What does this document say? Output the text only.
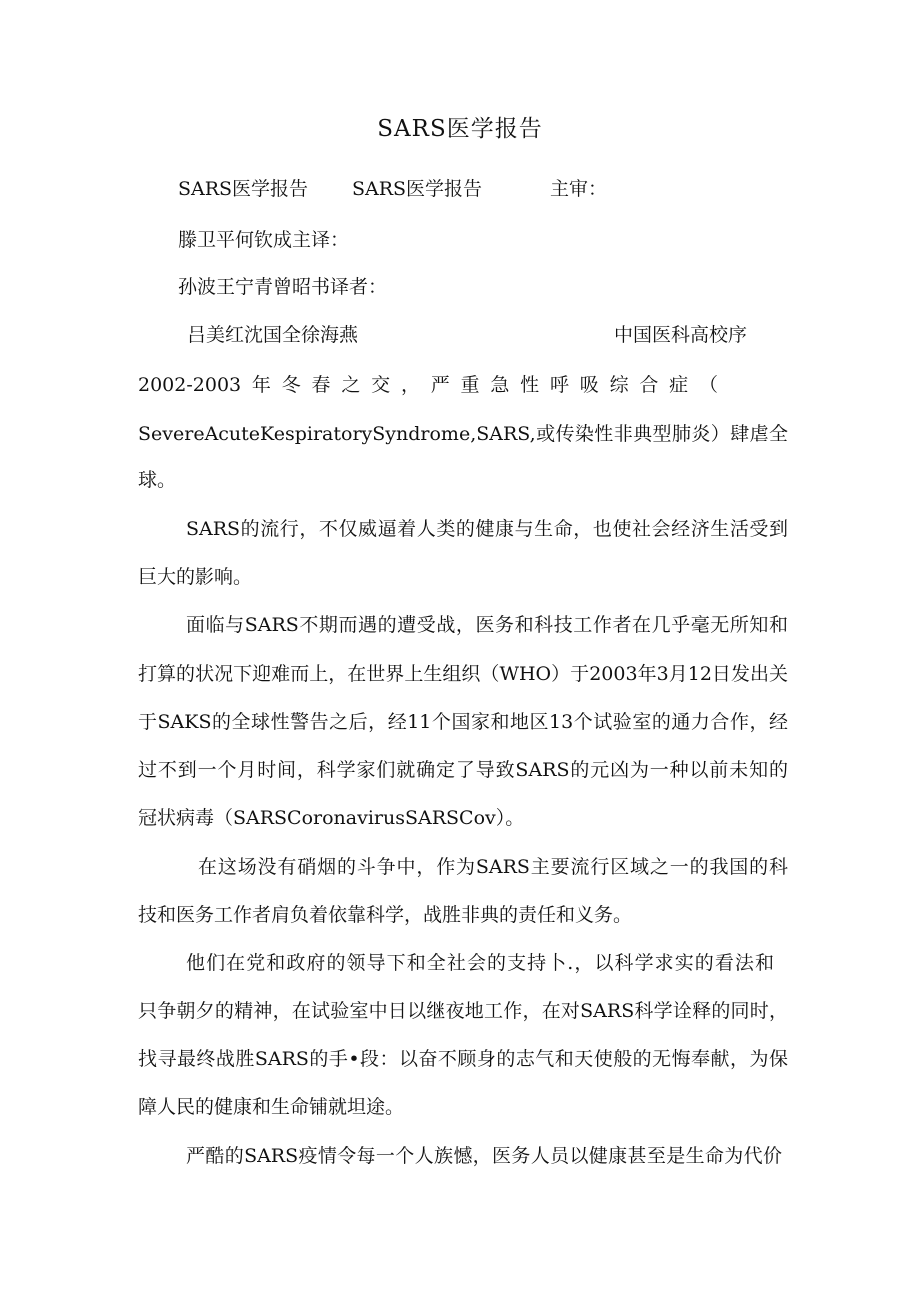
SARS医学报告
SARS医学报告 SARS医学报告	主审：
滕卫平何钦成主译：
孙波王宁青曾昭书译者：
吕美红沈国全徐海燕	中国医科高校序
2002-2003年冬春之交，严重急性呼吸综合症（
SevereAcuteKespiratorySyndrome,SARS,或传染性非典型肺炎）肆虐全
球。
SARS的流行，不仅威逼着人类的健康与生命，也使社会经济生活受到
巨大的影响。
面临与SARS不期而遇的遭受战，医务和科技工作者在几乎毫无所知和
打算的状况下迎难而上，在世界上生组织（WHO）于2003年3月12日发出关
于SAKS的全球性警告之后，经11个国家和地区13个试验室的通力合作，经
过不到一个月时间，科学家们就确定了导致SARS的元凶为一种以前未知的
冠状病毒（SARSCoronavirusSARSCov）。
在这场没有硝烟的斗争中，作为SARS主要流行区域之一的我国的科
技和医务工作者肩负着依靠科学，战胜非典的责任和义务。
他们在党和政府的领导下和全社会的支持卜.，以科学求实的看法和
只争朝夕的精神，在试验室中日以继夜地工作，在对SARS科学诠释的同时，
找寻最终战胜SARS的手•段：以奋不顾身的志气和天使般的无悔奉献，为保
障人民的健康和生命铺就坦途。
严酷的SARS疫情令每一个人族憾，医务人员以健康甚至是生命为代价
